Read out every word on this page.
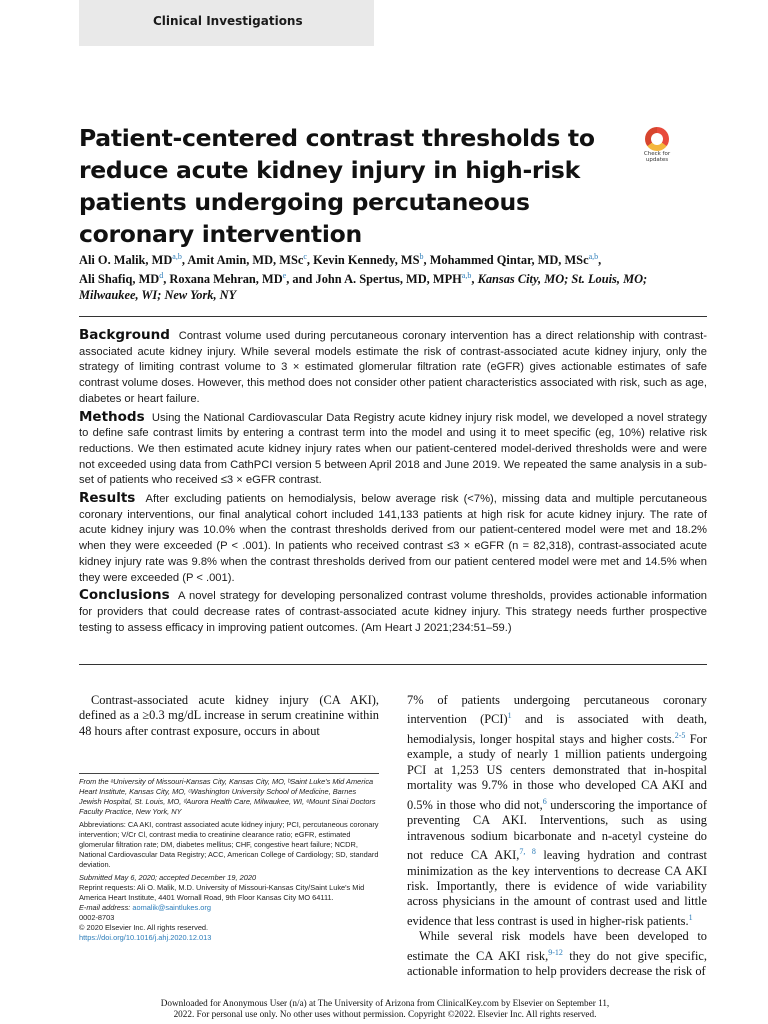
Clinical Investigations
Patient-centered contrast thresholds to reduce acute kidney injury in high-risk patients undergoing percutaneous coronary intervention
Check for updates

Ali O. Malik, MD$^{a,b}$, Amit Amin, MD, MSc$^c$, Kevin Kennedy, $MS^b$, Mohammed Qintar, MD, MSc$^{a,b}$,
Ali Shafiq, $MD^d$, Roxana Mehran, MDe, and John A. Spertus, MD, MPH$^{a,b}$, Kansas City, MO; St. Louis, MO; Milwaukee, WI; New York, NY

Background Contrast volume used during percutaneous coronary intervention has a direct relationship with contrast-associated acute kidney injury. While several models estimate the risk of contrast-associated acute kidney injury, only the strategy of limiting contrast volume to 3 × estimated glomerular filtration rate (eGFR) gives actionable estimates of safe contrast volume doses. However, this method does not consider other patient characteristics associated with risk, such as age, diabetes or heart failure.

Methods Using the National Cardiovascular Data Registry acute kidney injury risk model, we developed a novel strategy to define safe contrast limits by entering a contrast term into the model and using it to meet specific (eg, 10%) relative risk reductions. We then estimated acute kidney injury rates when our patient-centered model-derived thresholds were and were not exceeded using data from CathPCI version 5 between April 2018 and June 2019. We repeated the same analysis in a sub-set of patients who received ≤3 × eGFR contrast.

Results After excluding patients on hemodialysis, below average risk (<7%), missing data and multiple percutaneous coronary interventions, our final analytical cohort included 141,133 patients at high risk for acute kidney injury. The rate of acute kidney injury was 10.0% when the contrast thresholds derived from our patient-centered model were met and 18.2% when they were exceeded (P < .001). In patients who received contrast ≤3 × eGFR (n = 82,318), contrast-associated acute kidney injury rate was 9.8% when the contrast thresholds derived from our patient centered model were met and 14.5% when they were exceeded (P < .001).

Conclusions A novel strategy for developing personalized contrast volume thresholds, provides actionable information for providers that could decrease rates of contrast-associated acute kidney injury. This strategy needs further prospective testing to assess efficacy in improving patient outcomes. (Am Heart J 2021;234:51–59.)

Contrast-associated acute kidney injury (CA AKI), defined as a ≥0.3 mg/dL increase in serum creatinine within 48 hours after contrast exposure, occurs in about

From the ᵃUniversity of Missouri-Kansas City, Kansas City, MO, ᵇSaint Luke's Mid America Heart Institute, Kansas City, MO, ᶜWashington University School of Medicine, Barnes Jewish Hospital, St. Louis, MO, ᵈAurora Health Care, Milwaukee, WI, ᵉMount Sinai Doctors Faculty Practice, New York, NY

Abbreviations: CA AKI, contrast associated acute kidney injury; PCI, percutaneous coronary intervention; V/Cr Cl, contrast media to creatinine clearance ratio; eGFR, estimated glomerular filtration rate; DM, diabetes mellitus; CHF, congestive heart failure; NCDR, National Cardiovascular Data Registry; ACC, American College of Cardiology; SD, standard deviation.

Submitted May 6, 2020; accepted December 19, 2020

Reprint requests: Ali O. Malik, M.D. University of Missouri-Kansas City/Saint Luke's Mid America Heart Institute, 4401 Wornall Road, 9th Floor Kansas City MO 64111.

E-mail address: aomalik@saintlukes.org

0002-8703

© 2020 Elsevier Inc. All rights reserved.

https://doi.org/10.1016/j.ahj.2020.12.013

7% of patients undergoing percutaneous coronary intervention (PCI)$^1$ and is associated with death, hemodialysis, longer hospital stays and higher costs.$^{2-5}$ For example, a study of nearly 1 million patients undergoing PCI at 1,253 US centers demonstrated that in-hospital mortality was 9.7% in those who developed CA AKI and 0.5% in those who did not,$^6$ underscoring the importance of preventing CA AKI. Interventions, such as using intravenous sodium bicarbonate and n-acetyl cysteine do not reduce CA AKI,$^{7, 8}$ leaving hydration and contrast minimization as the key interventions to decrease CA AKI risk. Importantly, there is evidence of wide variability across physicians in the amount of contrast used and little evidence that less contrast is used in higher-risk patients.$^1$

While several risk models have been developed to estimate the CA AKI risk,$^{9-12}$ they do not give specific, actionable information to help providers decrease the risk of

Downloaded for Anonymous User (n/a) at The University of Arizona from ClinicalKey.com by Elsevier on September 11, 2022. For personal use only. No other uses without permission. Copyright ©2022. Elsevier Inc. All rights reserved.
